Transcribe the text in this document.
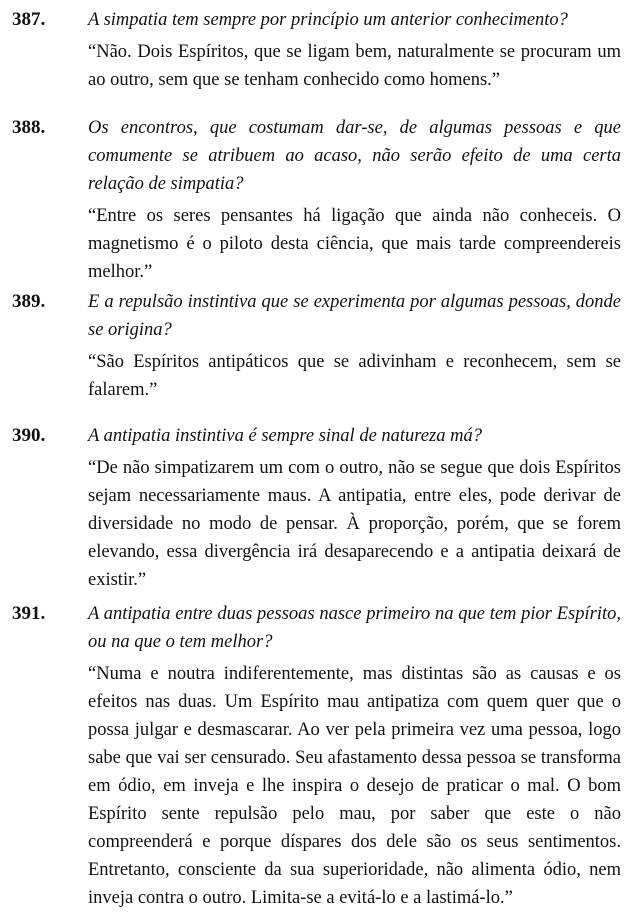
387.	A simpatia tem sempre por princípio um anterior conhecimento?

“Não. Dois Espíritos, que se ligam bem, naturalmente se procuram um ao outro, sem que se tenham conhecido como homens.”

388.	Os encontros, que costumam dar-se, de algumas pessoas e que comumente se atribuem ao acaso, não serão efeito de uma certa relação de simpatia?

“Entre os seres pensantes há ligação que ainda não conheceis. O magnetismo é o piloto desta ciência, que mais tarde compreendereis melhor.”

389.	E a repulsão instintiva que se experimenta por algumas pessoas, donde se origina?

“São Espíritos antipáticos que se adivinham e reconhecem, sem se falarem.”

390.	A antipatia instintiva é sempre sinal de natureza má?

“De não simpatizarem um com o outro, não se segue que dois Espíritos sejam necessariamente maus. A antipatia, entre eles, pode derivar de diversidade no modo de pensar. À proporção, porém, que se forem elevando, essa divergência irá desaparecendo e a antipatia deixará de existir.”

391.	A antipatia entre duas pessoas nasce primeiro na que tem pior Espírito, ou na que o tem melhor?

“Numa e noutra indiferentemente, mas distintas são as causas e os efeitos nas duas. Um Espírito mau antipatiza com quem quer que o possa julgar e desmascarar. Ao ver pela primeira vez uma pessoa, logo sabe que vai ser censurado. Seu afastamento dessa pessoa se transforma em ódio, em inveja e lhe inspira o desejo de praticar o mal. O bom Espírito sente repulsão pelo mau, por saber que este o não compreenderá e porque díspares dos dele são os seus sentimentos. Entretanto, consciente da sua superioridade, não alimenta ódio, nem inveja contra o outro. Limita-se a evitá-lo e a lastimá-lo.”
